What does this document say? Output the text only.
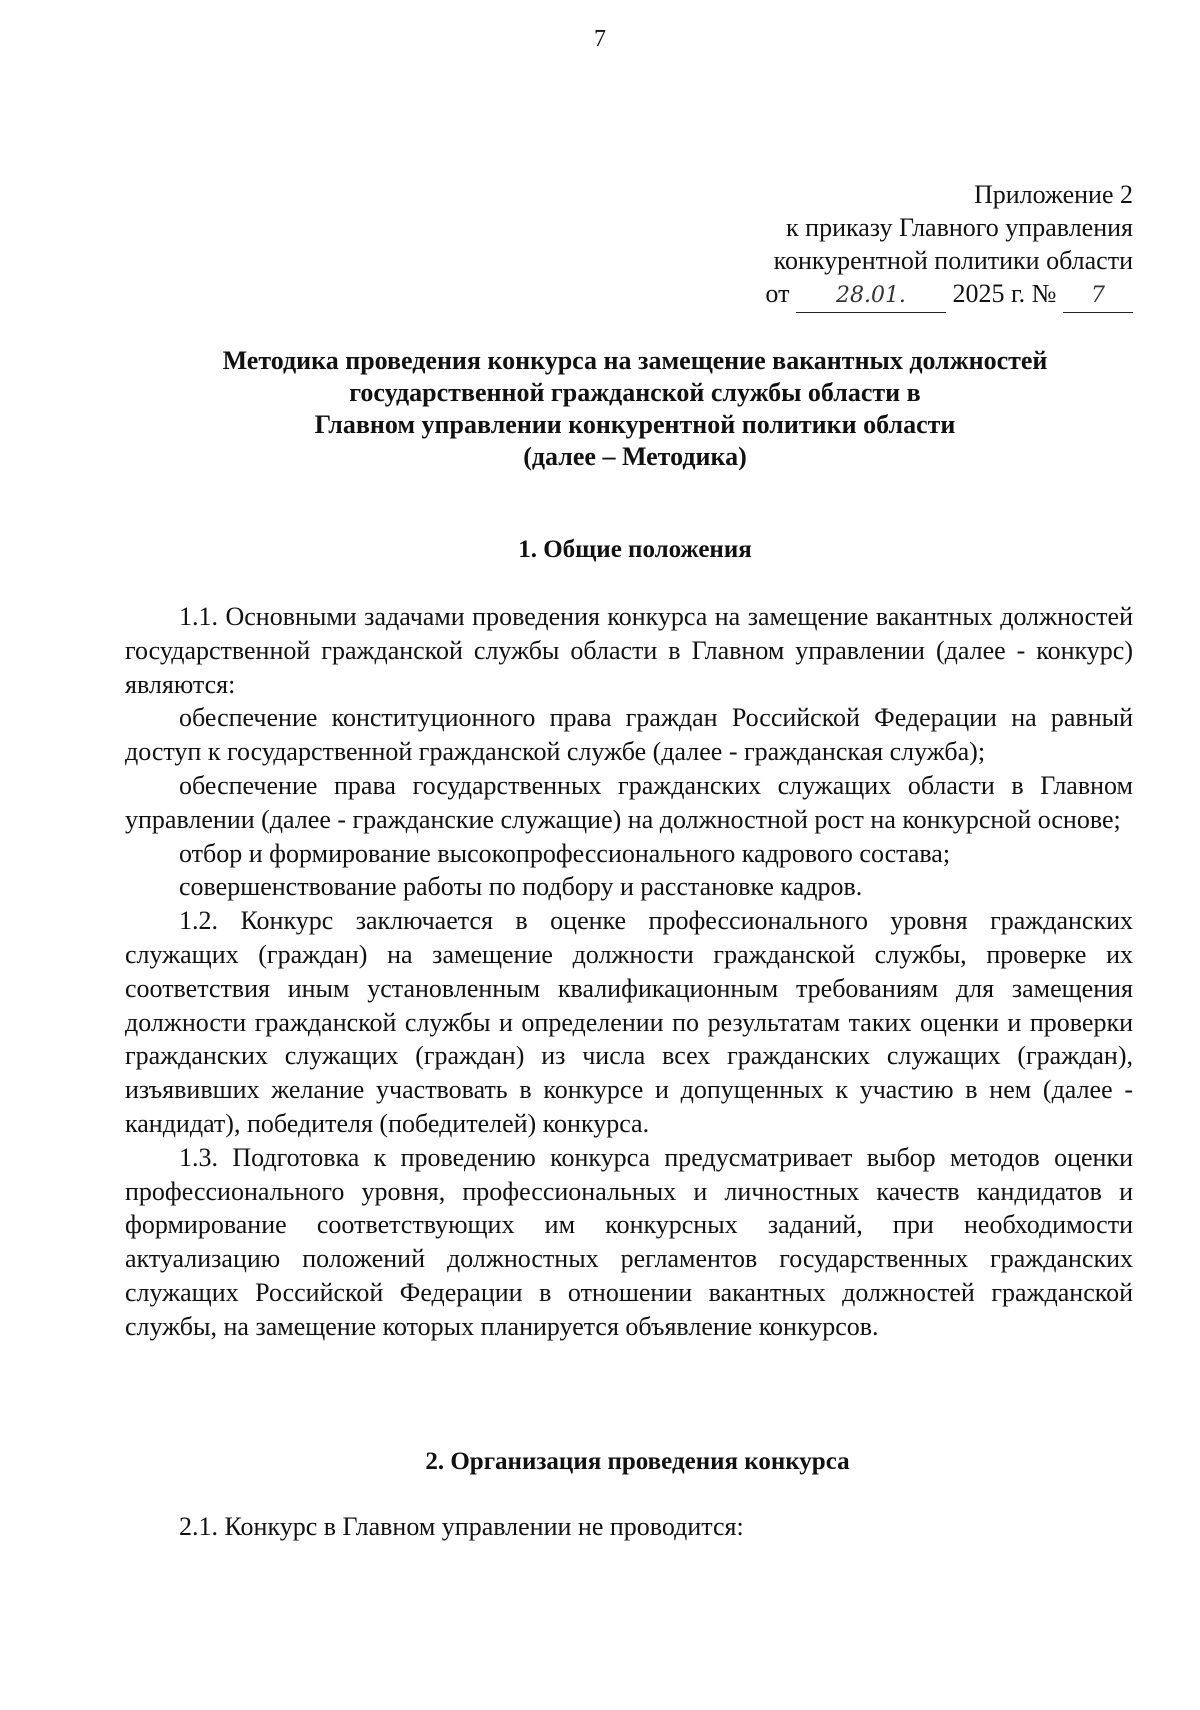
7
Приложение 2
к приказу Главного управления
конкурентной политики области
от 28.01. 2025 г. № 7
Методика проведения конкурса на замещение вакантных должностей
государственной гражданской службы области в
Главном управлении конкурентной политики области
(далее – Методика)
1. Общие положения

1.1. Основными задачами проведения конкурса на замещение вакантных должностей государственной гражданской службы области в Главном управлении (далее - конкурс) являются:

обеспечение конституционного права граждан Российской Федерации на равный доступ к государственной гражданской службе (далее - гражданская служба);

обеспечение права государственных гражданских служащих области в Главном управлении (далее - гражданские служащие) на должностной рост на конкурсной основе;

отбор и формирование высокопрофессионального кадрового состава;

совершенствование работы по подбору и расстановке кадров.

1.2. Конкурс заключается в оценке профессионального уровня гражданских служащих (граждан) на замещение должности гражданской службы, проверке их соответствия иным установленным квалификационным требованиям для замещения должности гражданской службы и определении по результатам таких оценки и проверки гражданских служащих (граждан) из числа всех гражданских служащих (граждан), изъявивших желание участвовать в конкурсе и допущенных к участию в нем (далее - кандидат), победителя (победителей) конкурса.

1.3. Подготовка к проведению конкурса предусматривает выбор методов оценки профессионального уровня, профессиональных и личностных качеств кандидатов и формирование соответствующих им конкурсных заданий, при необходимости актуализацию положений должностных регламентов государственных гражданских служащих Российской Федерации в отношении вакантных должностей гражданской службы, на замещение которых планируется объявление конкурсов.

2. Организация проведения конкурса

2.1. Конкурс в Главном управлении не проводится:
